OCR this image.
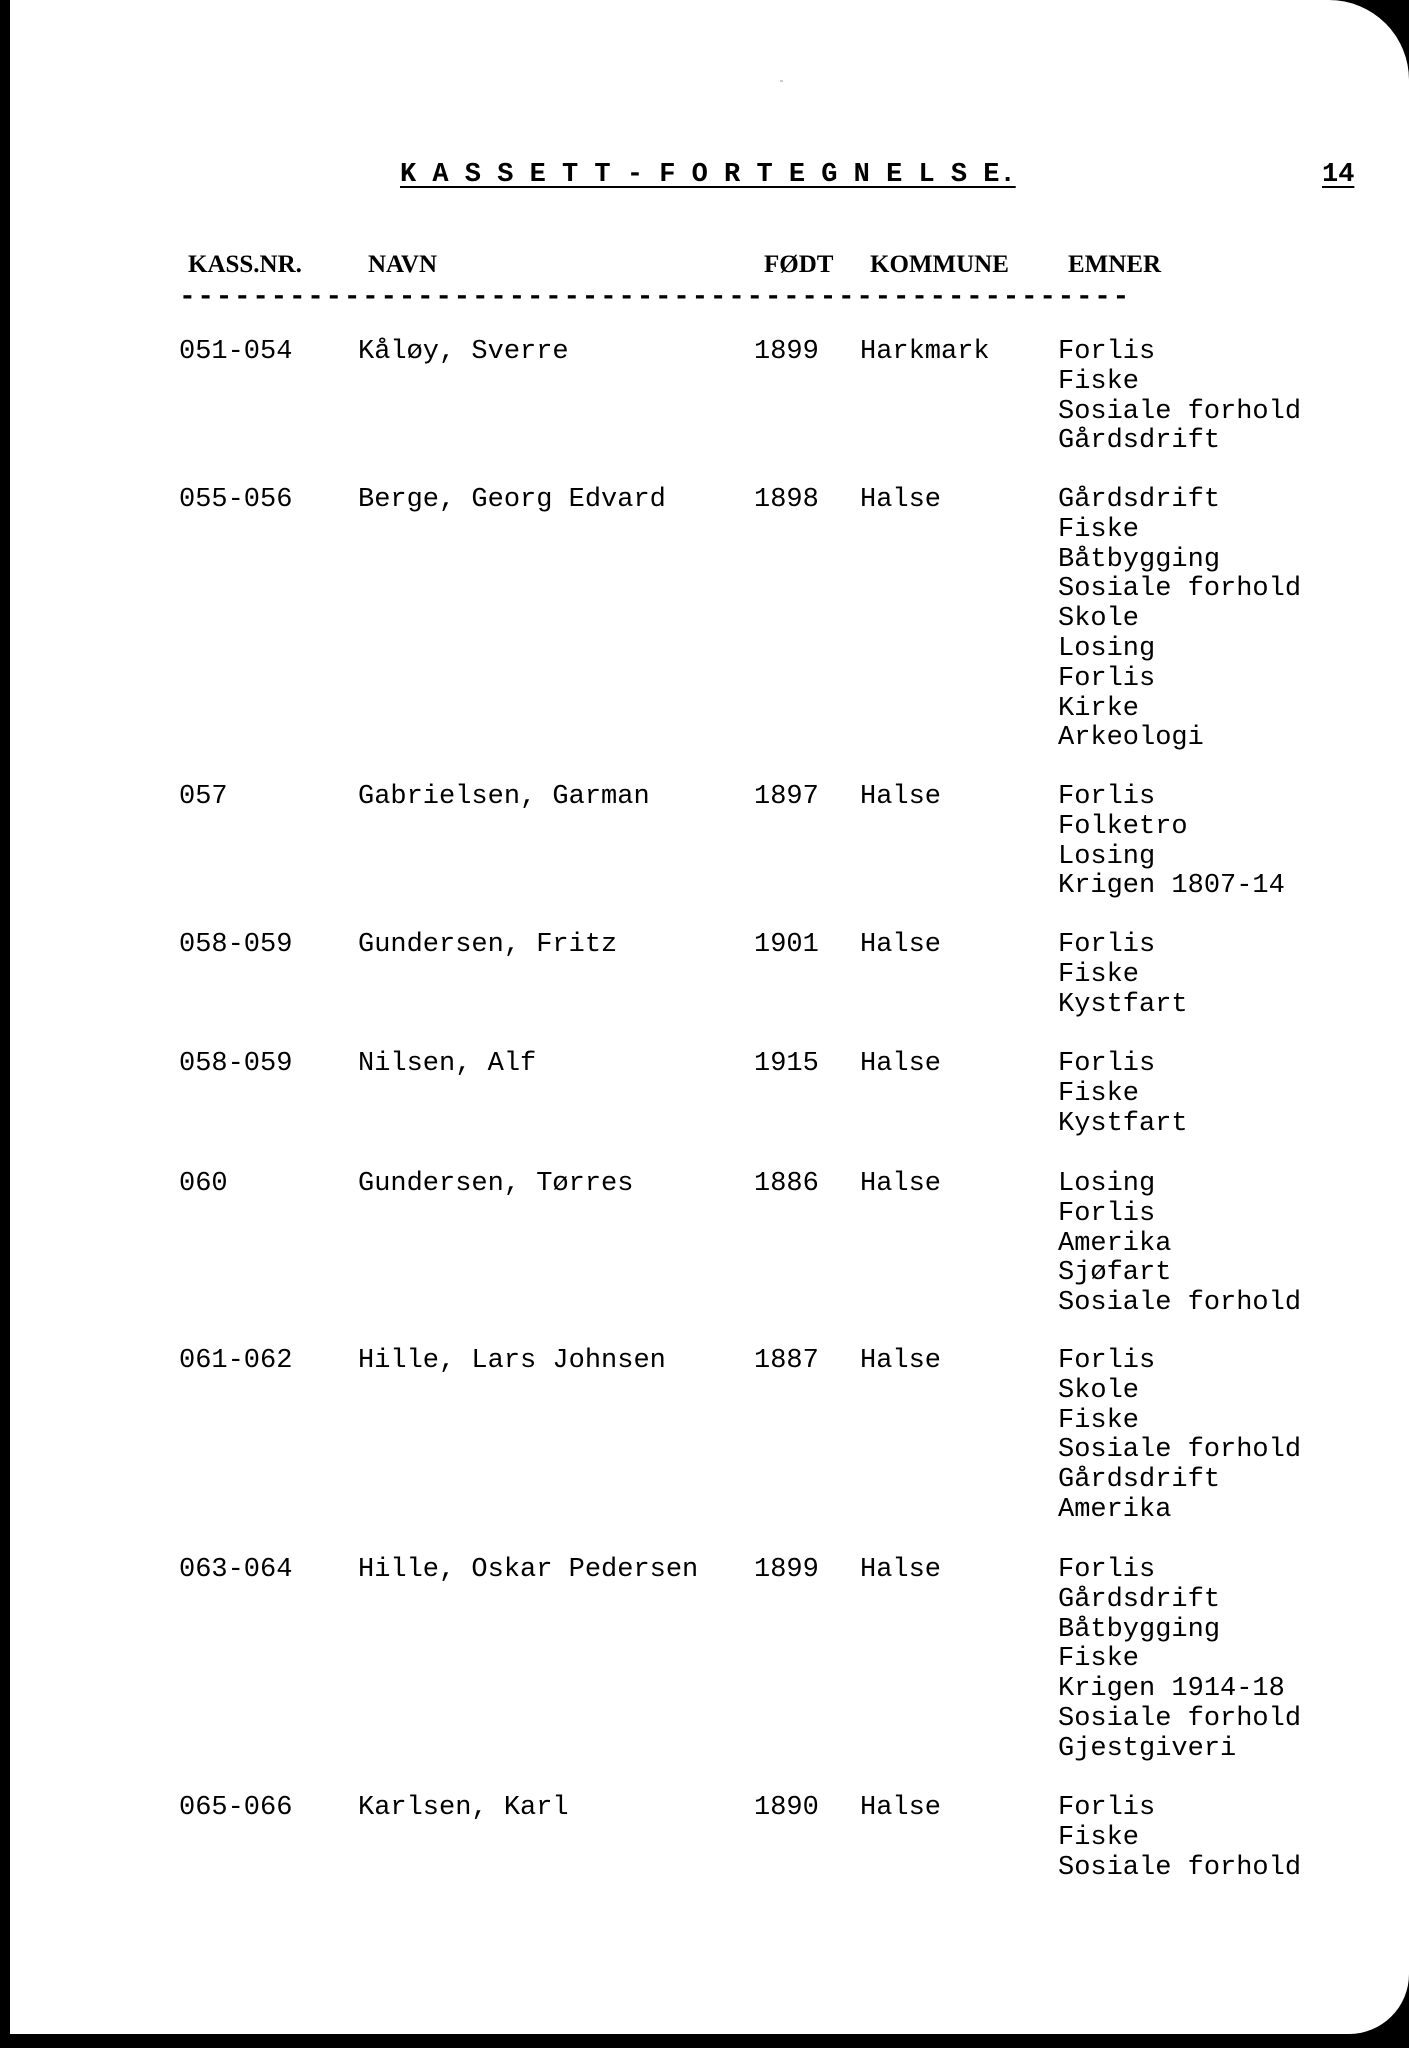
K A S S E T T - F O R T E G N E L S E.	14
KASS.NR.	NAVN	FØDT KOMMUNE EMNER
----------------------------------------------------
051-054 Kåløy, Sverre	1899 Harkmark	Forlis
Fiske
Sosiale forhold
Gårdsdrift
055-056 Berge, Georg Edvard	1898 Halse	Gårdsdrift
Fiske
Båtbygging
Sosiale forhold
Skole
Losing
Forlis
Kirke
Arkeologi
057	Gabrielsen, Garman	1897 Halse	Forlis
Folketro
Losing
Krigen 1807-14
058-059 Gundersen, Fritz	1901 Halse	Forlis
Fiske
Kystfart
058-059 Nilsen, Alf	1915 Halse	Forlis
Fiske
Kystfart
060	Gundersen, Tørres	1886 Halse	Losing
Forlis
Amerika
Sjøfart
Sosiale forhold
061-062 Hille, Lars Johnsen	1887 Halse	Forlis
Skole
Fiske
Sosiale forhold
Gårdsdrift
Amerika
063-064 Hille, Oskar Pedersen 1899 Halse	Forlis
Gårdsdrift
Båtbygging
Fiske
Krigen 1914-18
Sosiale forhold
Gjestgiveri
065-066 Karlsen, Karl	1890 Halse	Forlis
Fiske
Sosiale forhold
